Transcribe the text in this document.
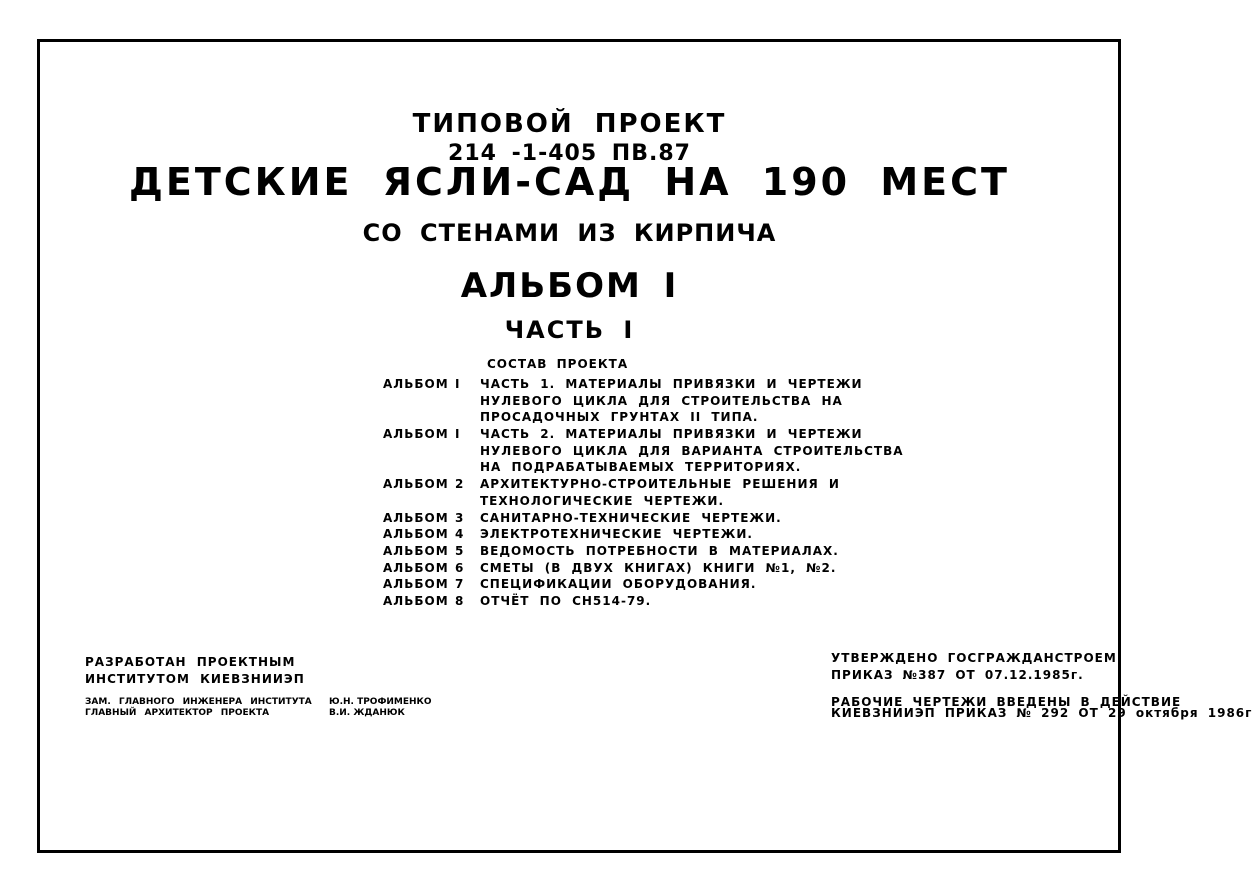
ТИПОВОЙ ПРОЕКТ
214 -1-405 ПВ.87
ДЕТСКИЕ ЯСЛИ-САД НА 190 МЕСТ
СО СТЕНАМИ ИЗ КИРПИЧА
АЛЬБОМ I
ЧАСТЬ I
СОСТАВ ПРОЕКТА
АЛЬБОМ I	ЧАСТЬ 1. МАТЕРИАЛЫ ПРИВЯЗКИ И ЧЕРТЕЖИ
НУЛЕВОГО ЦИКЛА ДЛЯ СТРОИТЕЛЬСТВА НА
ПРОСАДОЧНЫХ ГРУНТАХ II ТИПА.
АЛЬБОМ I	ЧАСТЬ 2. МАТЕРИАЛЫ ПРИВЯЗКИ И ЧЕРТЕЖИ
НУЛЕВОГО ЦИКЛА ДЛЯ ВАРИАНТА СТРОИТЕЛЬСТВА
НА ПОДРАБАТЫВАЕМЫХ ТЕРРИТОРИЯХ.
АЛЬБОМ 2	АРХИТЕКТУРНО-СТРОИТЕЛЬНЫЕ РЕШЕНИЯ И
ТЕХНОЛОГИЧЕСКИЕ ЧЕРТЕЖИ.
АЛЬБОМ 3	САНИТАРНО-ТЕХНИЧЕСКИЕ ЧЕРТЕЖИ.
АЛЬБОМ 4	ЭЛЕКТРОТЕХНИЧЕСКИЕ ЧЕРТЕЖИ.
АЛЬБОМ 5	ВЕДОМОСТЬ ПОТРЕБНОСТИ В МАТЕРИАЛАХ.
АЛЬБОМ 6	СМЕТЫ (В ДВУХ КНИГАХ) КНИГИ №1, №2.
АЛЬБОМ 7	СПЕЦИФИКАЦИИ ОБОРУДОВАНИЯ.
АЛЬБОМ 8	ОТЧЁТ ПО СН514-79.
РАЗРАБОТАН ПРОЕКТНЫМ
ИНСТИТУТОМ КИЕВЗНИИЭП
ЗАМ. ГЛАВНОГО ИНЖЕНЕРА ИНСТИТУТА
ГЛАВНЫЙ АРХИТЕКТОР ПРОЕКТА
Ю.Н. ТРОФИМЕНКО
В.И. ЖДАНЮК
УТВЕРЖДЕНО ГОСГРАЖДАНСТРОЕМ
ПРИКАЗ №387 ОТ 07.12.1985г.
РАБОЧИЕ ЧЕРТЕЖИ ВВЕДЕНЫ В ДЕЙСТВИЕ
КИЕВЗНИИЭП ПРИКАЗ № 292 ОТ 29 октября 1986г
